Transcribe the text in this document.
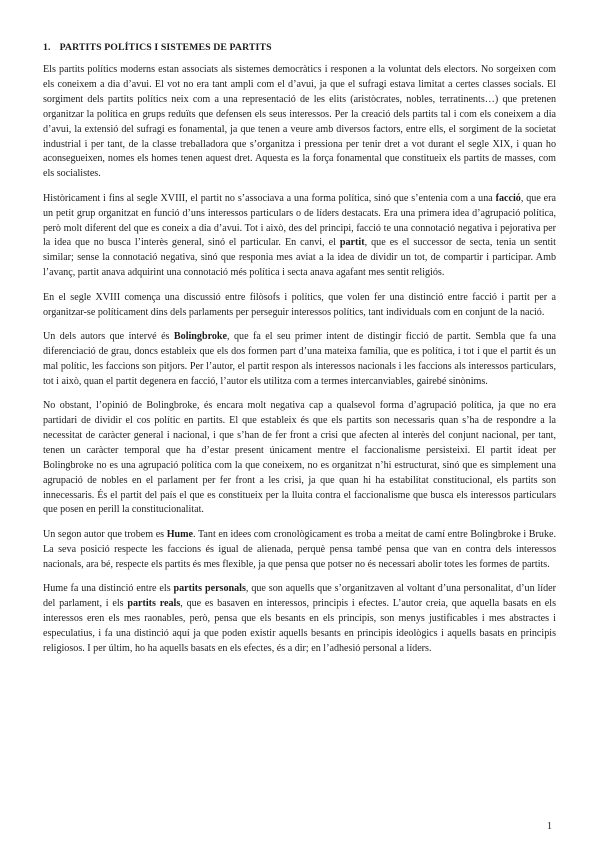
1. PARTITS POLÍTICS I SISTEMES DE PARTITS

Els partits polítics moderns estan associats als sistemes democràtics i responen a la voluntat dels electors. No sorgeixen com els coneixem a dia d’avui. El vot no era tant ampli com el d’avui, ja que el sufragi estava limitat a certes classes socials. El sorgiment dels partits polítics neix com a una representació de les elits (aristòcrates, nobles, terratinents…) que pretenen organitzar la política en grups reduïts que defensen els seus interessos. Per la creació dels partits tal i com els coneixem a dia d’avui, la extensió del sufragi es fonamental, ja que tenen a veure amb diversos factors, entre ells, el sorgiment de la societat industrial i per tant, de la classe treballadora que s’organitza i pressiona per tenir dret a vot durant el segle XIX, i quan ho aconsegueixen, nomes els homes tenen aquest dret. Aquesta es la força fonamental que constitueix els partits de masses, com els socialistes.

Històricament i fins al segle XVIII, el partit no s’associava a una forma política, sinó que s’entenia com a una facció, que era un petit grup organitzat en funció d’uns interessos particulars o de líders destacats. Era una primera idea d’agrupació política, però molt diferent del que es coneix a dia d’avui. Tot i això, des del principi, facció te una connotació negativa i pejorativa per la idea que no busca l’interès general, sinó el particular. En canvi, el partit, que es el successor de secta, tenia un sentit similar; sense la connotació negativa, sinó que responia mes aviat a la idea de dividir un tot, de compartir i participar. Amb l’avanç, partit anava adquirint una connotació més política i secta anava agafant mes sentit religiós.

En el segle XVIII comença una discussió entre filòsofs i polítics, que volen fer una distinció entre facció i partit per a organitzar-se políticament dins dels parlaments per perseguir interessos polítics, tant individuals com en conjunt de la nació.

Un dels autors que intervé és Bolingbroke, que fa el seu primer intent de distingir ficció de partit. Sembla que fa una diferenciació de grau, doncs estableix que els dos formen part d’una mateixa família, que es política, i tot i que el partit és un mal polític, les faccions son pitjors. Per l’autor, el partit respon als interessos nacionals i les faccions als interessos particulars, tot i això, quan el partit degenera en facció, l’autor els utilitza com a termes intercanviables, gairebé sinònims.

No obstant, l’opinió de Bolingbroke, és encara molt negativa cap a qualsevol forma d’agrupació política, ja que no era partidari de dividir el cos polític en partits. El que estableix és que els partits son necessaris quan s’ha de respondre a la necessitat de caràcter general i nacional, i que s’han de fer front a crisi que afecten al interès del conjunt nacional, per tant, tenen un caràcter temporal que ha d’estar present únicament mentre el faccionalisme persisteixi. El partit ideat per Bolingbroke no es una agrupació política com la que coneixem, no es organitzat n’hi estructurat, sinó que es simplement una agrupació de nobles en el parlament per fer front a les crisi, ja que quan hi ha estabilitat constitucional, els partits son innecessaris. És el partit del país el que es constitueix per la lluita contra el faccionalisme que busca els interessos particulars que posen en perill la constitucionalitat.

Un segon autor que trobem es Hume. Tant en idees com cronològicament es troba a meitat de camí entre Bolingbroke i Bruke. La seva posició respecte les faccions és igual de alienada, perquè pensa també pensa que van en contra dels interessos nacionals, ara bé, respecte els partits és mes flexible, ja que pensa que potser no és necessari abolir totes les formes de partits.

Hume fa una distinció entre els partits personals, que son aquells que s’organitzaven al voltant d’una personalitat, d’un líder del parlament, i els partits reals, que es basaven en interessos, principis i efectes. L’autor creia, que aquella basats en els interessos eren els mes raonables, però, pensa que els besants en els principis, son menys justificables i mes abstractes i especulatius, i fa una distinció aquí ja que poden existir aquells besants en principis ideològics i aquells basats en principis religiosos. I per últim, ho ha aquells basats en els efectes, és a dir; en l’adhesió personal a líders.

1
